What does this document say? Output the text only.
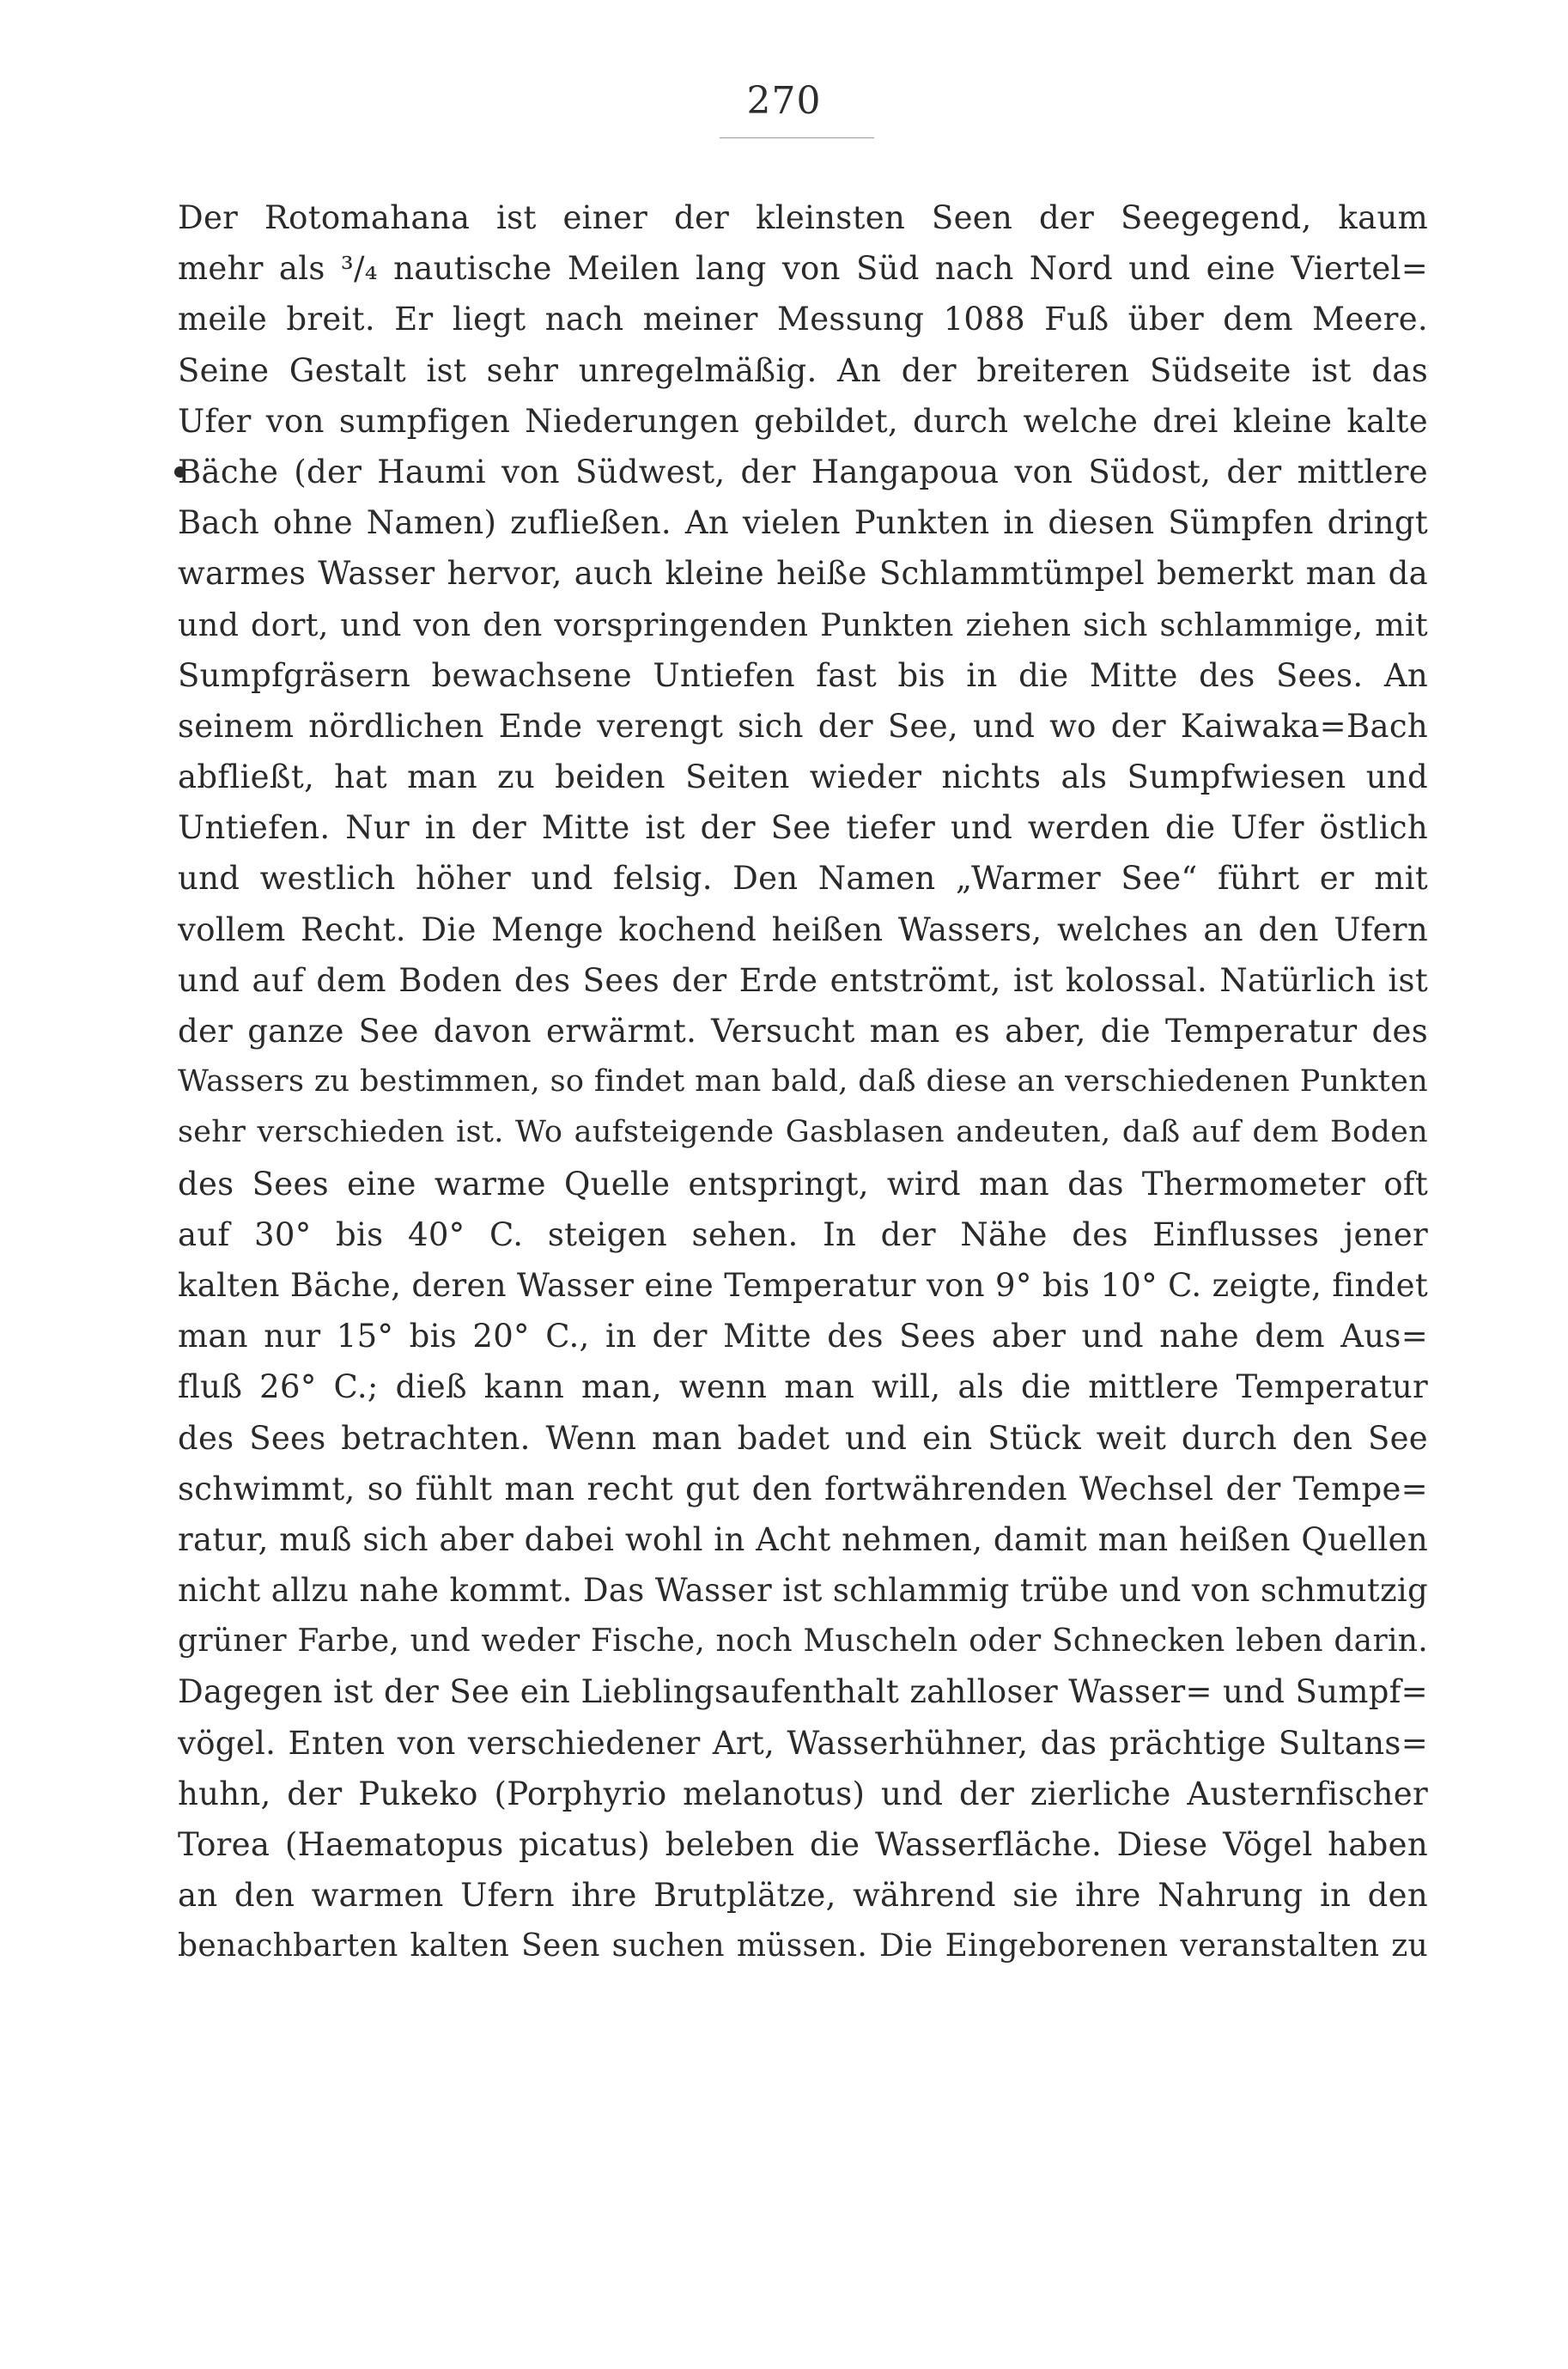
270
Der Rotomahana ist einer der kleinsten Seen der Seegegend, kaum
mehr als ³/₄ nautische Meilen lang von Süd nach Nord und eine Viertel=
meile breit. Er liegt nach meiner Messung 1088 Fuß über dem Meere.
Seine Gestalt ist sehr unregelmäßig. An der breiteren Südseite ist das
Ufer von sumpfigen Niederungen gebildet, durch welche drei kleine kalte
Bäche (der Haumi von Südwest, der Hangapoua von Südost, der mittlere
Bach ohne Namen) zufließen. An vielen Punkten in diesen Sümpfen dringt
warmes Wasser hervor, auch kleine heiße Schlammtümpel bemerkt man da
und dort, und von den vorspringenden Punkten ziehen sich schlammige, mit
Sumpfgräsern bewachsene Untiefen fast bis in die Mitte des Sees. An
seinem nördlichen Ende verengt sich der See, und wo der Kaiwaka=Bach
abfließt, hat man zu beiden Seiten wieder nichts als Sumpfwiesen und
Untiefen. Nur in der Mitte ist der See tiefer und werden die Ufer östlich
und westlich höher und felsig. Den Namen „Warmer See“ führt er mit
vollem Recht. Die Menge kochend heißen Wassers, welches an den Ufern
und auf dem Boden des Sees der Erde entströmt, ist kolossal. Natürlich ist
der ganze See davon erwärmt. Versucht man es aber, die Temperatur des
Wassers zu bestimmen, so findet man bald, daß diese an verschiedenen Punkten
sehr verschieden ist. Wo aufsteigende Gasblasen andeuten, daß auf dem Boden
des Sees eine warme Quelle entspringt, wird man das Thermometer oft
auf 30° bis 40° C. steigen sehen. In der Nähe des Einflusses jener
kalten Bäche, deren Wasser eine Temperatur von 9° bis 10° C. zeigte, findet
man nur 15° bis 20° C., in der Mitte des Sees aber und nahe dem Aus=
fluß 26° C.; dieß kann man, wenn man will, als die mittlere Temperatur
des Sees betrachten. Wenn man badet und ein Stück weit durch den See
schwimmt, so fühlt man recht gut den fortwährenden Wechsel der Tempe=
ratur, muß sich aber dabei wohl in Acht nehmen, damit man heißen Quellen
nicht allzu nahe kommt. Das Wasser ist schlammig trübe und von schmutzig
grüner Farbe, und weder Fische, noch Muscheln oder Schnecken leben darin.
Dagegen ist der See ein Lieblingsaufenthalt zahlloser Wasser= und Sumpf=
vögel. Enten von verschiedener Art, Wasserhühner, das prächtige Sultans=
huhn, der Pukeko (Porphyrio melanotus) und der zierliche Austernfischer
Torea (Haematopus picatus) beleben die Wasserfläche. Diese Vögel haben
an den warmen Ufern ihre Brutplätze, während sie ihre Nahrung in den
benachbarten kalten Seen suchen müssen. Die Eingeborenen veranstalten zu
